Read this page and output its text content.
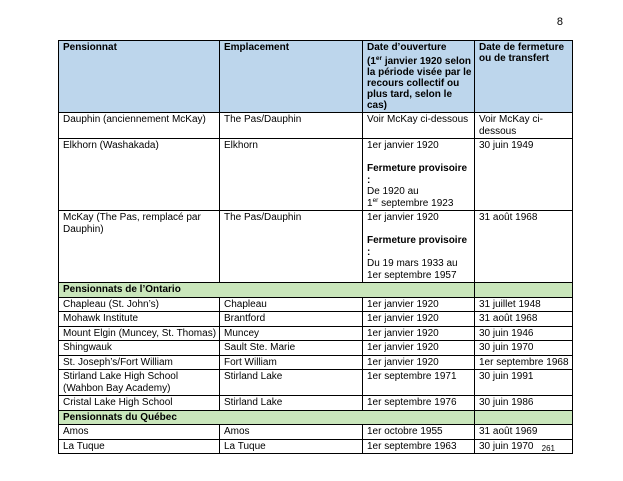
8
Pensionnat	Emplacement	Date d’ouverture
(1er janvier 1920 selon la période visée par le recours collectif ou plus tard, selon le cas)	Date de fermeture ou de transfert
Dauphin (anciennement McKay)	The Pas/Dauphin	Voir McKay ci-dessous	Voir McKay ci-dessous
Elkhorn (Washakada)	Elkhorn	1er janvier 1920
Fermeture provisoire :
De 1920 au
1er septembre 1923	30 juin 1949
McKay (The Pas, remplacé par Dauphin)	The Pas/Dauphin	1er janvier 1920
Fermeture provisoire :
Du 19 mars 1933 au 1er septembre 1957	31 août 1968
Pensionnats de l’Ontario			
Chapleau (St. John’s)	Chapleau	1er janvier 1920	31 juillet 1948
Mohawk Institute	Brantford	1er janvier 1920	31 août 1968
Mount Elgin (Muncey, St. Thomas)	Muncey	1er janvier 1920	30 juin 1946
Shingwauk	Sault Ste. Marie	1er janvier 1920	30 juin 1970
St. Joseph’s/Fort William	Fort William	1er janvier 1920	1er septembre 1968
Stirland Lake High School (Wahbon Bay Academy)	Stirland Lake	1er septembre 1971	30 juin 1991
Cristal Lake High School	Stirland Lake	1er septembre 1976	30 juin 1986
Pensionnats du Québec			
Amos	Amos	1er octobre 1955	31 août 1969
La Tuque	La Tuque	1er septembre 1963	30 juin 1970 261
